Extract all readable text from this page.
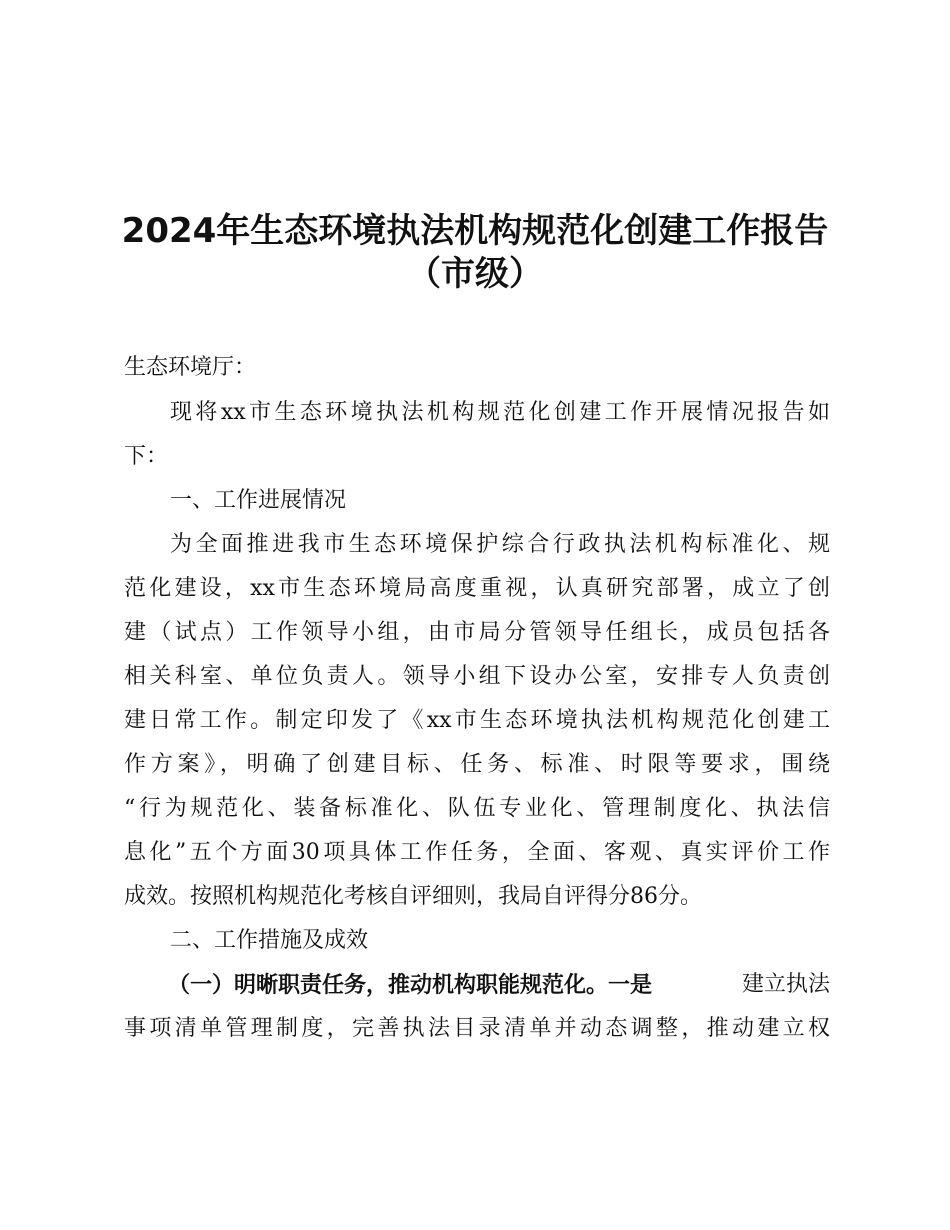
2024年生态环境执法机构规范化创建工作报告
（市级）
生态环境厅：
现将xx市生态环境执法机构规范化创建工作开展情况报告如
下：
一、工作进展情况
为全面推进我市生态环境保护综合行政执法机构标准化、规
范化建设，xx市生态环境局高度重视，认真研究部署，成立了创
建（试点）工作领导小组，由市局分管领导任组长，成员包括各
相关科室、单位负责人。领导小组下设办公室，安排专人负责创
建日常工作。制定印发了《xx市生态环境执法机构规范化创建工
作方案》，明确了创建目标、任务、标准、时限等要求，围绕
“行为规范化、装备标准化、队伍专业化、管理制度化、执法信
息化”五个方面30项具体工作任务，全面、客观、真实评价工作
成效。按照机构规范化考核自评细则，我局自评得分86分。
二、工作措施及成效
（一）明晰职责任务，推动机构职能规范化。一是	建立执法
事项清单管理制度，完善执法目录清单并动态调整，推动建立权
